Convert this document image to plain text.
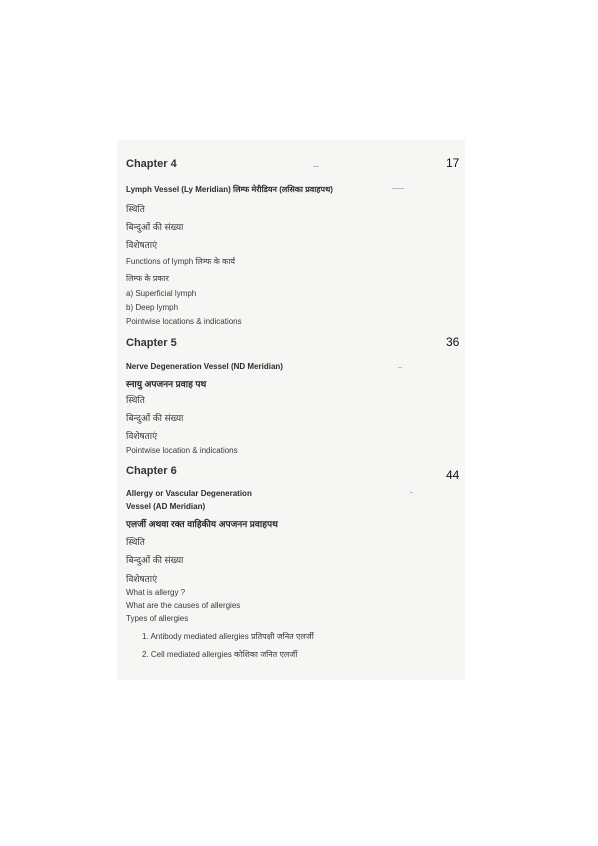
Chapter 4	17
Lymph Vessel (Ly Meridian) लिम्फ मेरीडियन (लसिका प्रवाहपथ)
स्थिति
बिन्दुओं की संख्या
विशेषताएं
Functions of lymph लिम्फ के कार्य
लिम्फ के प्रकार
a) Superficial lymph
b) Deep lymph
Pointwise locations & indications
Chapter 5	36
Nerve Degeneration Vessel (ND Meridian)
स्नायु अपजनन प्रवाह पथ
स्थिति
बिन्दुओं की संख्या
विशेषताएं
Pointwise location & indications
Chapter 6	44
Allergy or Vascular Degeneration
Vessel (AD Meridian)
एलर्जी अथवा रक्त वाहिकीय अपजनन प्रवाहपथ
स्थिति
बिन्दुओं की संख्या
विशेषताएं
What is allergy ?
What are the causes of allergies
Types of allergies
1. Antibody mediated allergies प्रतिपक्षी जनित एलर्जी
2. Cell mediated allergies कोशिका जनित एलर्जी
